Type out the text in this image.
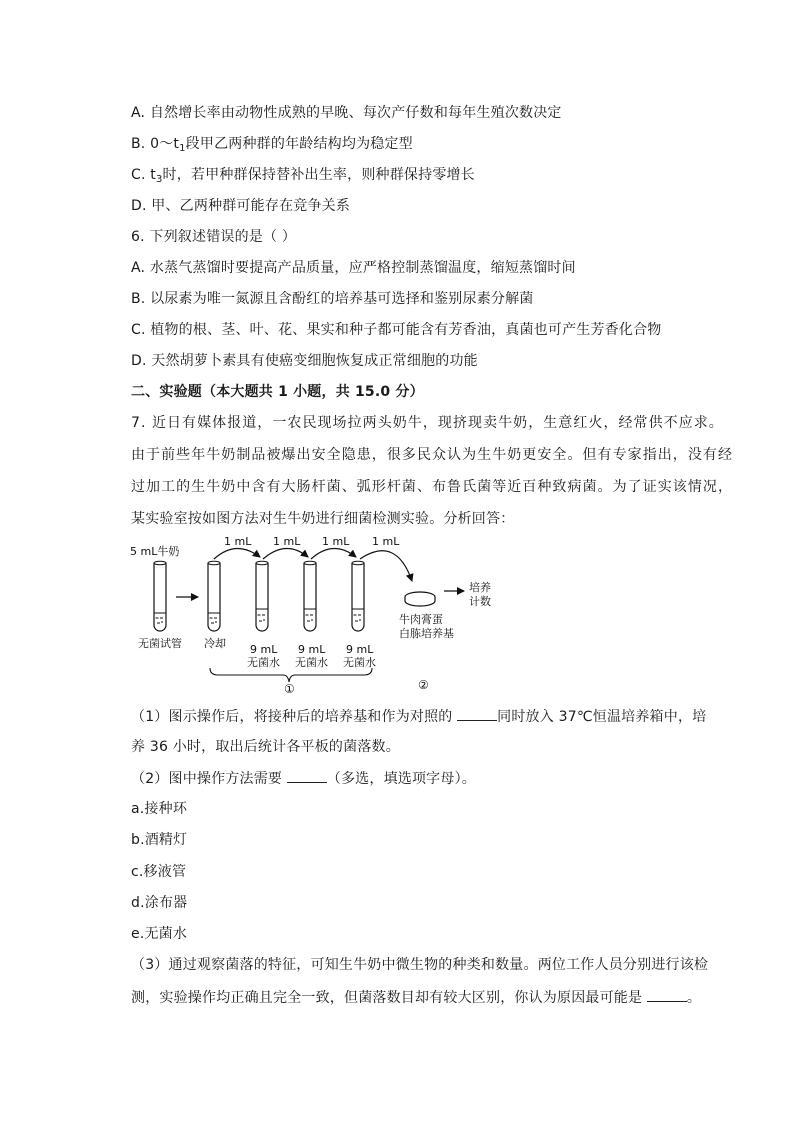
A. 自然增长率由动物性成熟的早晚、每次产仔数和每年生殖次数决定
B. $0\sim t_1$段甲乙两种群的年龄结构均为稳定型
C. $t_3$时，若甲种群保持替补出生率，则种群保持零增长
D. 甲、乙两种群可能存在竞争关系
6. 下列叙述错误的是（ ）
A. 水蒸气蒸馏时要提高产品质量，应严格控制蒸馏温度，缩短蒸馏时间
B. 以尿素为唯一氮源且含酚红的培养基可选择和鉴别尿素分解菌
C. 植物的根、茎、叶、花、果实和种子都可能含有芳香油，真菌也可产生芳香化合物
D. 天然胡萝卜素具有使癌变细胞恢复成正常细胞的功能
二、实验题（本大题共 1 小题，共 15.0 分）
7. 近日有媒体报道，一农民现场拉两头奶牛，现挤现卖牛奶，生意红火，经常供不应求。
由于前些年牛奶制品被爆出安全隐患，很多民众认为生牛奶更安全。但有专家指出，没有经
过加工的生牛奶中含有大肠杆菌、弧形杆菌、布鲁氏菌等近百种致病菌。为了证实该情况，
某实验室按如图方法对生牛奶进行细菌检测实验。分析回答：
5 mL牛奶
1 mL 1 mL 1 mL 1 mL
无菌试管 冷却 9 mL
无菌水
9 mL
无菌水
9 mL
无菌水
①
牛肉膏蛋
白胨培养基
培养
计数
②
（1）图示操作后，将接种后的培养基和作为对照的	同时放入 37℃恒温培养箱中，培
养 36 小时，取出后统计各平板的菌落数。
（2）图中操作方法需要	（多选，填选项字母）。
a.接种环
b.酒精灯
c.移液管
d.涂布器
e.无菌水
（3）通过观察菌落的特征，可知生牛奶中微生物的种类和数量。两位工作人员分别进行该检
测，实验操作均正确且完全一致，但菌落数目却有较大区别，你认为原因最可能是	。
